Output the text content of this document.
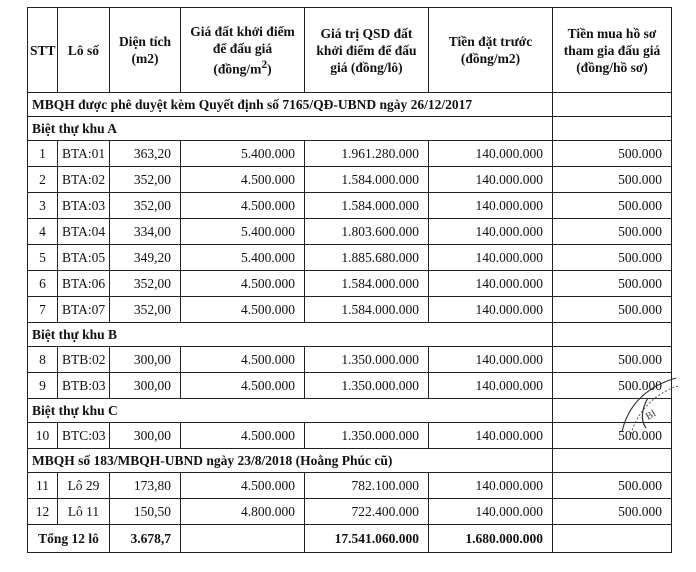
STT	Lô số	Diện tích (m2)	Giá đất khởi điểm để đấu giá $(đồng/m^2)$	Giá trị QSD đất khởi điểm để đấu giá (đồng/lô)	Tiền đặt trước (đồng/m2)	Tiền mua hồ sơ tham gia đấu giá (đồng/hồ sơ)
MBQH được phê duyệt kèm Quyết định số 7165/QĐ-UBND ngày 26/12/2017						
Biệt thự khu A						
1	BTA:01	363,20	5.400.000	1.961.280.000	140.000.000	500.000
2	BTA:02	352,00	4.500.000	1.584.000.000	140.000.000	500.000
3	BTA:03	352,00	4.500.000	1.584.000.000	140.000.000	500.000
4	BTA:04	334,00	5.400.000	1.803.600.000	140.000.000	500.000
5	BTA:05	349,20	5.400.000	1.885.680.000	140.000.000	500.000
6	BTA:06	352,00	4.500.000	1.584.000.000	140.000.000	500.000
7	BTA:07	352,00	4.500.000	1.584.000.000	140.000.000	500.000
Biệt thự khu B						
8	BTB:02	300,00	4.500.000	1.350.000.000	140.000.000	500.000
9	BTB:03	300,00	4.500.000	1.350.000.000	140.000.000	500.000
Biệt thự khu C						
10	BTC:03	300,00	4.500.000	1.350.000.000	140.000.000	500.000
MBQH số 183/MBQH-UBND ngày 23/8/2018 (Hoằng Phúc cũ)						
11	Lô 29	173,80	4.500.000	782.100.000	140.000.000	500.000
12	Lô 11	150,50	4.800.000	722.400.000	140.000.000	500.000
Tổng 12 lô		3.678,7		17.541.060.000	1.680.000.000	
BI
